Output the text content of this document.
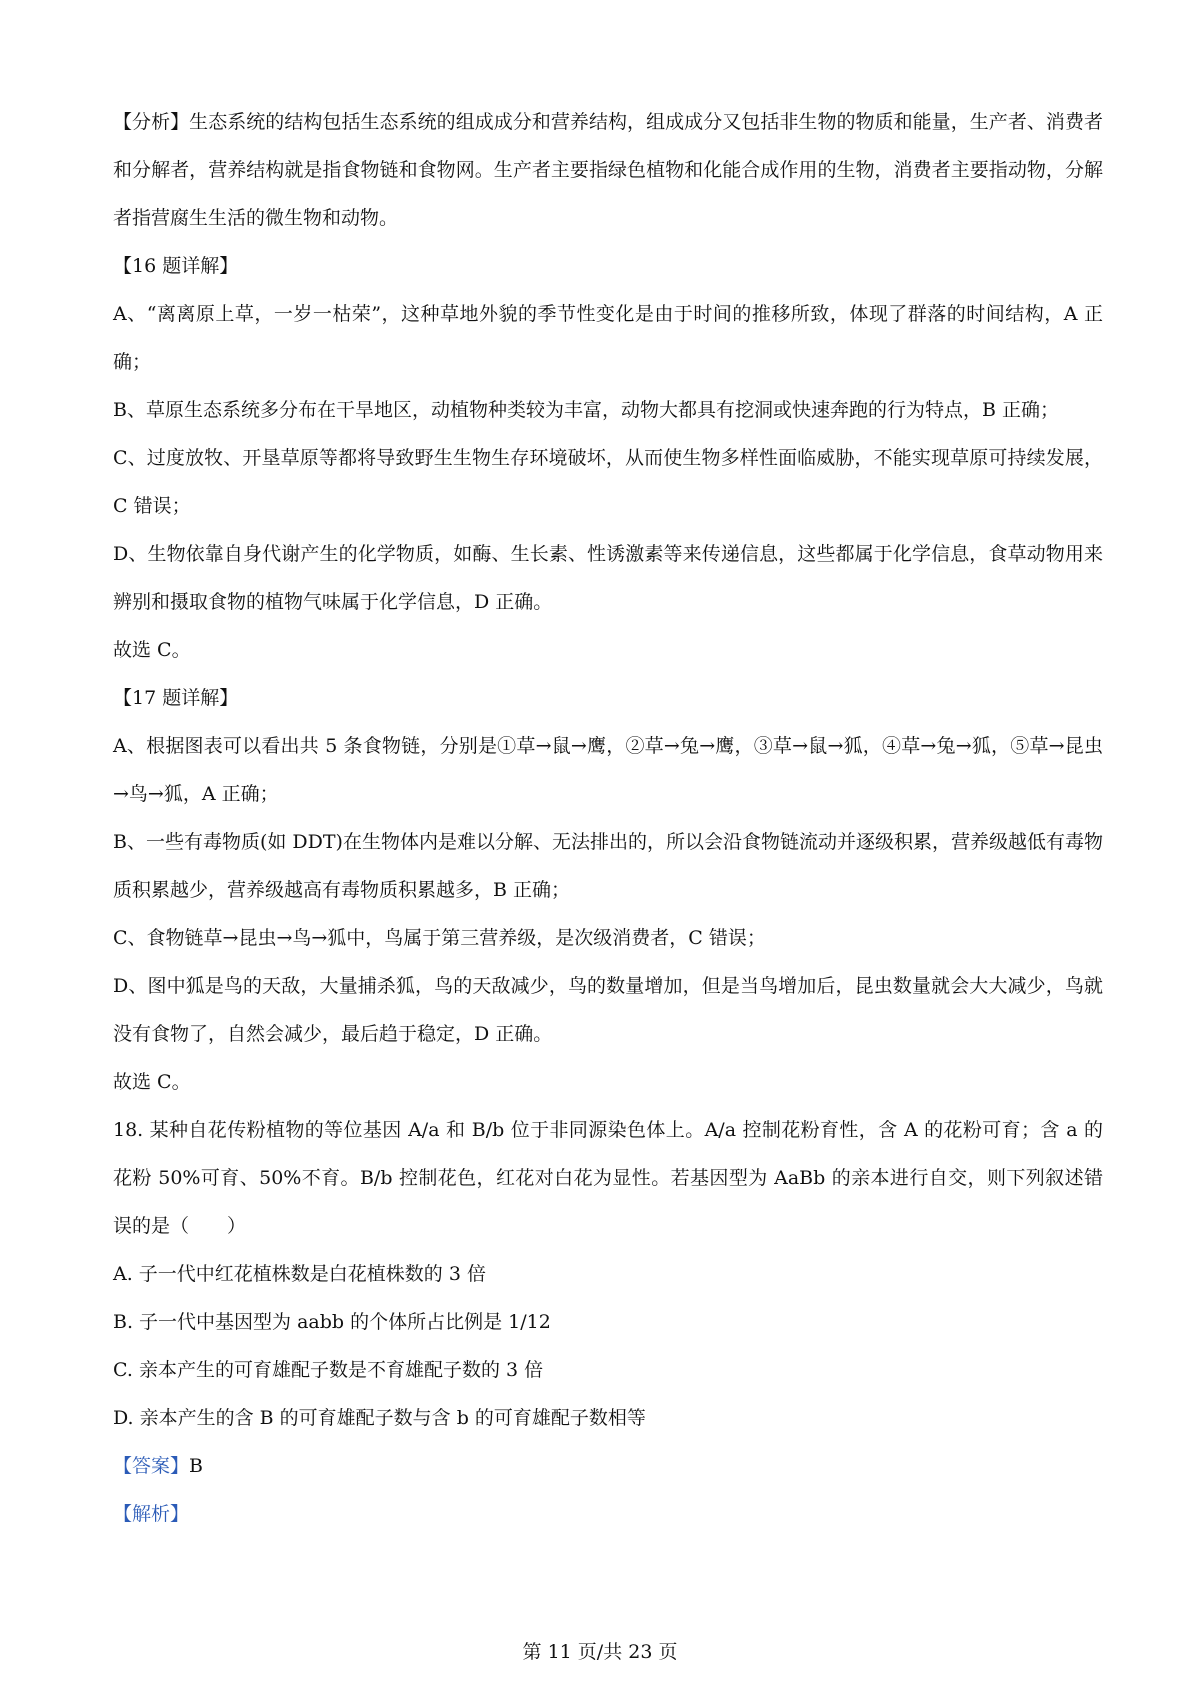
【分析】生态系统的结构包括生态系统的组成成分和营养结构，组成成分又包括非生物的物质和能量，生产者、消费者和分解者，营养结构就是指食物链和食物网。生产者主要指绿色植物和化能合成作用的生物，消费者主要指动物，分解者指营腐生生活的微生物和动物。

【16 题详解】

A、“离离原上草，一岁一枯荣”，这种草地外貌的季节性变化是由于时间的推移所致，体现了群落的时间结构，A 正确；

B、草原生态系统多分布在干旱地区，动植物种类较为丰富，动物大都具有挖洞或快速奔跑的行为特点，B 正确；

C、过度放牧、开垦草原等都将导致野生生物生存环境破坏，从而使生物多样性面临威胁，不能实现草原可持续发展，C 错误；

D、生物依靠自身代谢产生的化学物质，如酶、生长素、性诱激素等来传递信息，这些都属于化学信息，食草动物用来辨别和摄取食物的植物气味属于化学信息，D 正确。

故选 C。

【17 题详解】

A、根据图表可以看出共 5 条食物链，分别是①草→鼠→鹰，②草→兔→鹰，③草→鼠→狐，④草→兔→狐，⑤草→昆虫→鸟→狐，A 正确；

B、一些有毒物质(如 DDT)在生物体内是难以分解、无法排出的，所以会沿食物链流动并逐级积累，营养级越低有毒物质积累越少，营养级越高有毒物质积累越多，B 正确；

C、食物链草→昆虫→鸟→狐中，鸟属于第三营养级，是次级消费者，C 错误；

D、图中狐是鸟的天敌，大量捕杀狐，鸟的天敌减少，鸟的数量增加，但是当鸟增加后，昆虫数量就会大大减少，鸟就没有食物了，自然会减少，最后趋于稳定，D 正确。

故选 C。

18. 某种自花传粉植物的等位基因 A/a 和 B/b 位于非同源染色体上。A/a 控制花粉育性，含 A 的花粉可育；含 a 的花粉 50%可育、50%不育。B/b 控制花色，红花对白花为显性。若基因型为 AaBb 的亲本进行自交，则下列叙述错误的是（　　）

A. 子一代中红花植株数是白花植株数的 3 倍

B. 子一代中基因型为 aabb 的个体所占比例是 1/12

C. 亲本产生的可育雄配子数是不育雄配子数的 3 倍

D. 亲本产生的含 B 的可育雄配子数与含 b 的可育雄配子数相等

【答案】B

【解析】

第 11 页/共 23 页
